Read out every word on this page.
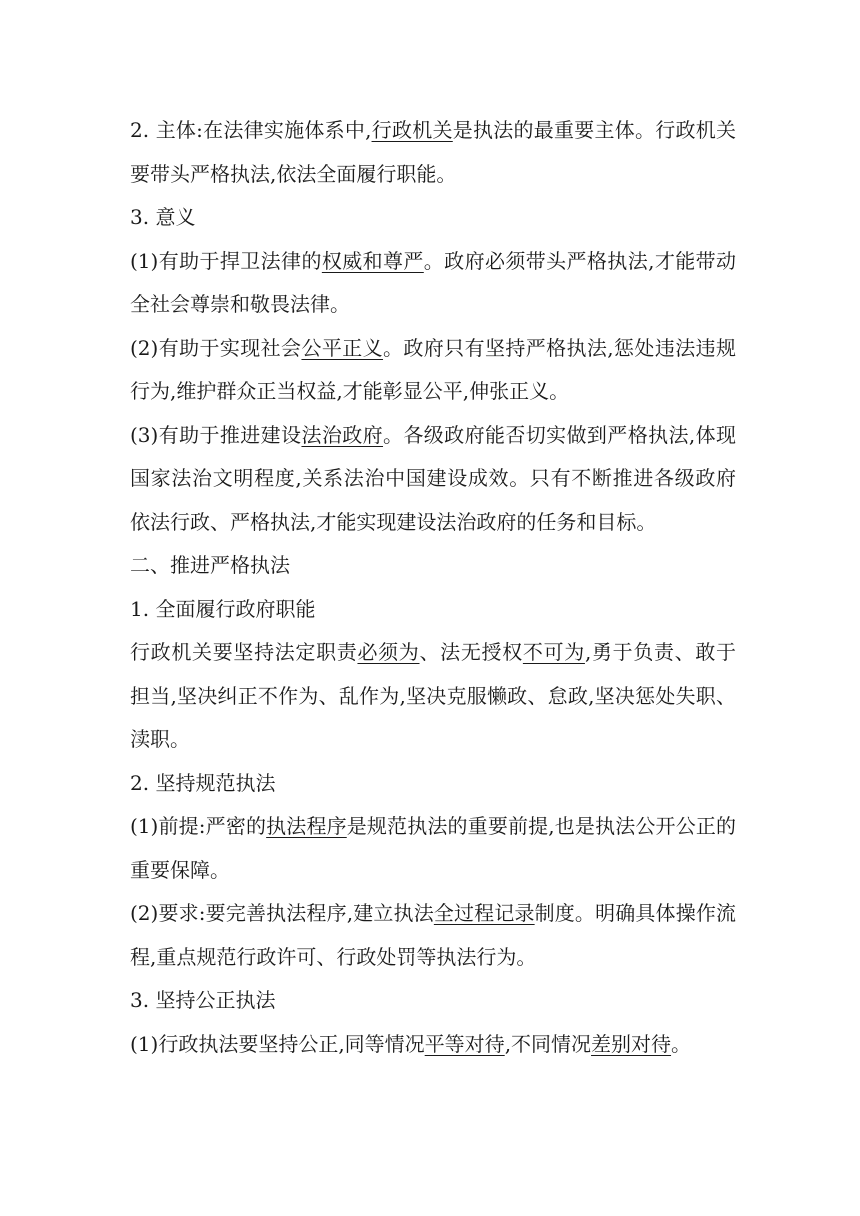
2. 主体:在法律实施体系中,行政机关是执法的最重要主体。行政机关要带头严格执法,依法全面履行职能。

3. 意义

(1)有助于捍卫法律的权威和尊严。政府必须带头严格执法,才能带动全社会尊崇和敬畏法律。

(2)有助于实现社会公平正义。政府只有坚持严格执法,惩处违法违规行为,维护群众正当权益,才能彰显公平,伸张正义。

(3)有助于推进建设法治政府。各级政府能否切实做到严格执法,体现国家法治文明程度,关系法治中国建设成效。只有不断推进各级政府依法行政、严格执法,才能实现建设法治政府的任务和目标。

二、推进严格执法

1. 全面履行政府职能

行政机关要坚持法定职责必须为、法无授权不可为,勇于负责、敢于担当,坚决纠正不作为、乱作为,坚决克服懒政、怠政,坚决惩处失职、渎职。

2. 坚持规范执法

(1)前提:严密的执法程序是规范执法的重要前提,也是执法公开公正的重要保障。

(2)要求:要完善执法程序,建立执法全过程记录制度。明确具体操作流程,重点规范行政许可、行政处罚等执法行为。

3. 坚持公正执法

(1)行政执法要坚持公正,同等情况平等对待,不同情况差别对待。
